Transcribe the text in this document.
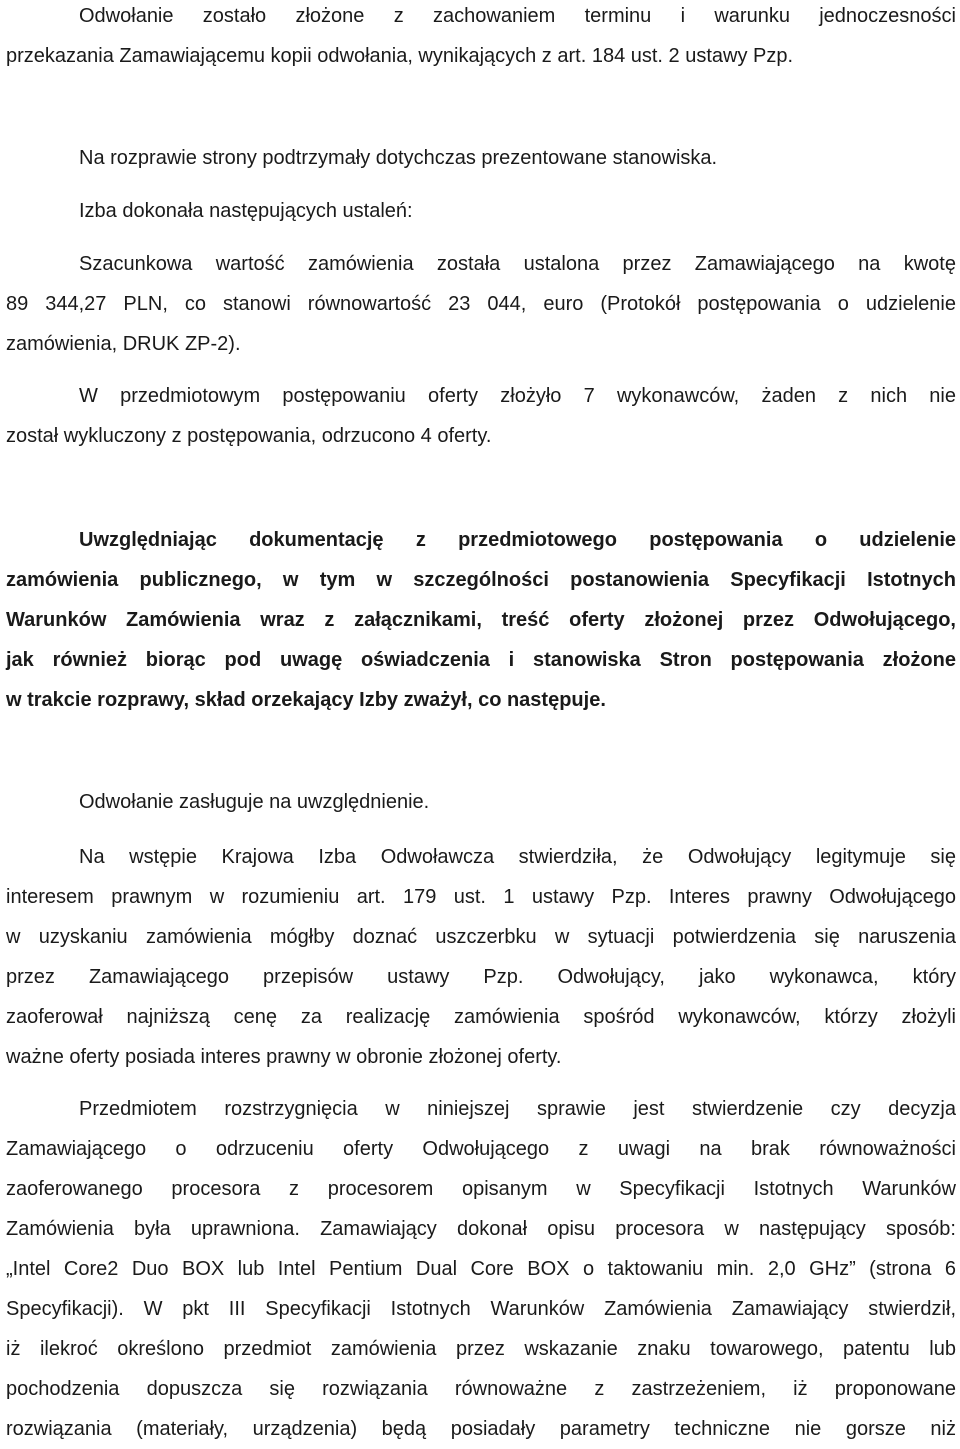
Odwołanie zostało złożone z zachowaniem terminu i warunku jednoczesności
przekazania Zamawiającemu kopii odwołania, wynikających z art. 184 ust. 2 ustawy Pzp.
Na rozprawie strony podtrzymały dotychczas prezentowane stanowiska.
Izba dokonała następujących ustaleń:
Szacunkowa wartość zamówienia została ustalona przez Zamawiającego na kwotę
89 344,27 PLN, co stanowi równowartość 23 044, euro (Protokół postępowania o udzielenie
zamówienia, DRUK ZP-2).
W przedmiotowym postępowaniu oferty złożyło 7 wykonawców, żaden z nich nie
został wykluczony z postępowania, odrzucono 4 oferty.
Uwzględniając dokumentację z przedmiotowego postępowania o udzielenie
zamówienia publicznego, w tym w szczególności postanowienia Specyfikacji Istotnych
Warunków Zamówienia wraz z załącznikami, treść oferty złożonej przez Odwołującego,
jak również biorąc pod uwagę oświadczenia i stanowiska Stron postępowania złożone
w trakcie rozprawy, skład orzekający Izby zważył, co następuje.
Odwołanie zasługuje na uwzględnienie.
Na wstępie Krajowa Izba Odwoławcza stwierdziła, że Odwołujący legitymuje się
interesem prawnym w rozumieniu art. 179 ust. 1 ustawy Pzp. Interes prawny Odwołującego
w uzyskaniu zamówienia mógłby doznać uszczerbku w sytuacji potwierdzenia się naruszenia
przez Zamawiającego przepisów ustawy Pzp. Odwołujący, jako wykonawca, który
zaoferował najniższą cenę za realizację zamówienia spośród wykonawców, którzy złożyli
ważne oferty posiada interes prawny w obronie złożonej oferty.
Przedmiotem rozstrzygnięcia w niniejszej sprawie jest stwierdzenie czy decyzja
Zamawiającego o odrzuceniu oferty Odwołującego z uwagi na brak równoważności
zaoferowanego procesora z procesorem opisanym w Specyfikacji Istotnych Warunków
Zamówienia była uprawniona. Zamawiający dokonał opisu procesora w następujący sposób:
„Intel Core2 Duo BOX lub Intel Pentium Dual Core BOX o taktowaniu min. 2,0 GHz” (strona 6
Specyfikacji). W pkt III Specyfikacji Istotnych Warunków Zamówienia Zamawiający stwierdził,
iż ilekroć określono przedmiot zamówienia przez wskazanie znaku towarowego, patentu lub
pochodzenia dopuszcza się rozwiązania równoważne z zastrzeżeniem, iż proponowane
rozwiązania (materiały, urządzenia) będą posiadały parametry techniczne nie gorsze niż
